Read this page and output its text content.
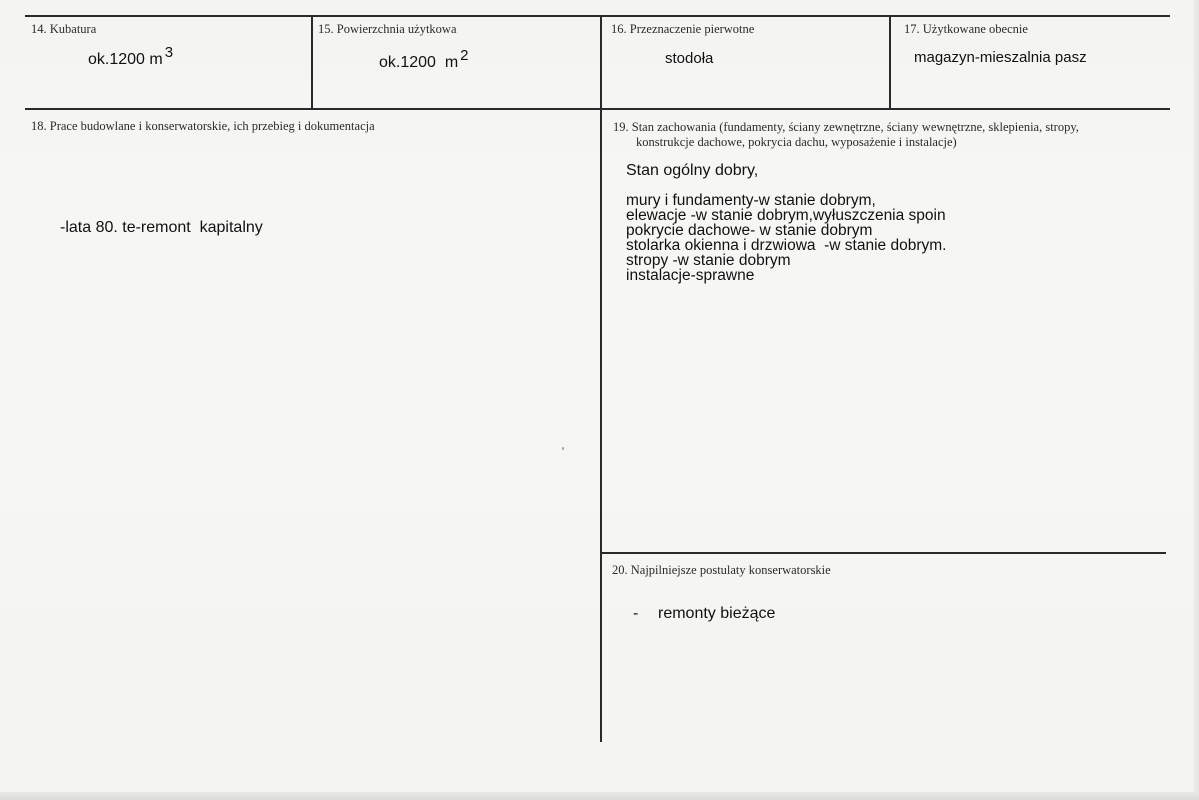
14. Kubatura
ok.1200 m $^3$
15. Powierzchnia użytkowa
ok.1200  m $^2$
16. Przeznaczenie pierwotne
stodoła
17. Użytkowane obecnie
magazyn-mieszalnia pasz
18. Prace budowlane i konserwatorskie, ich przebieg i dokumentacja
-lata 80. te-remont  kapitalny
19. Stan zachowania (fundamenty, ściany zewnętrzne, ściany wewnętrzne, sklepienia, stropy,
konstrukcje dachowe, pokrycia dachu, wyposażenie i instalacje)
Stan ogólny dobry,
mury i fundamenty-w stanie dobrym,
elewacje -w stanie dobrym,wyłuszczenia spoin
pokrycie dachowe- w stanie dobrym
stolarka okienna i drzwiowa  -w stanie dobrym.
stropy -w stanie dobrym
instalacje-sprawne
20. Najpilniejsze postulaty konserwatorskie
- remonty bieżące
